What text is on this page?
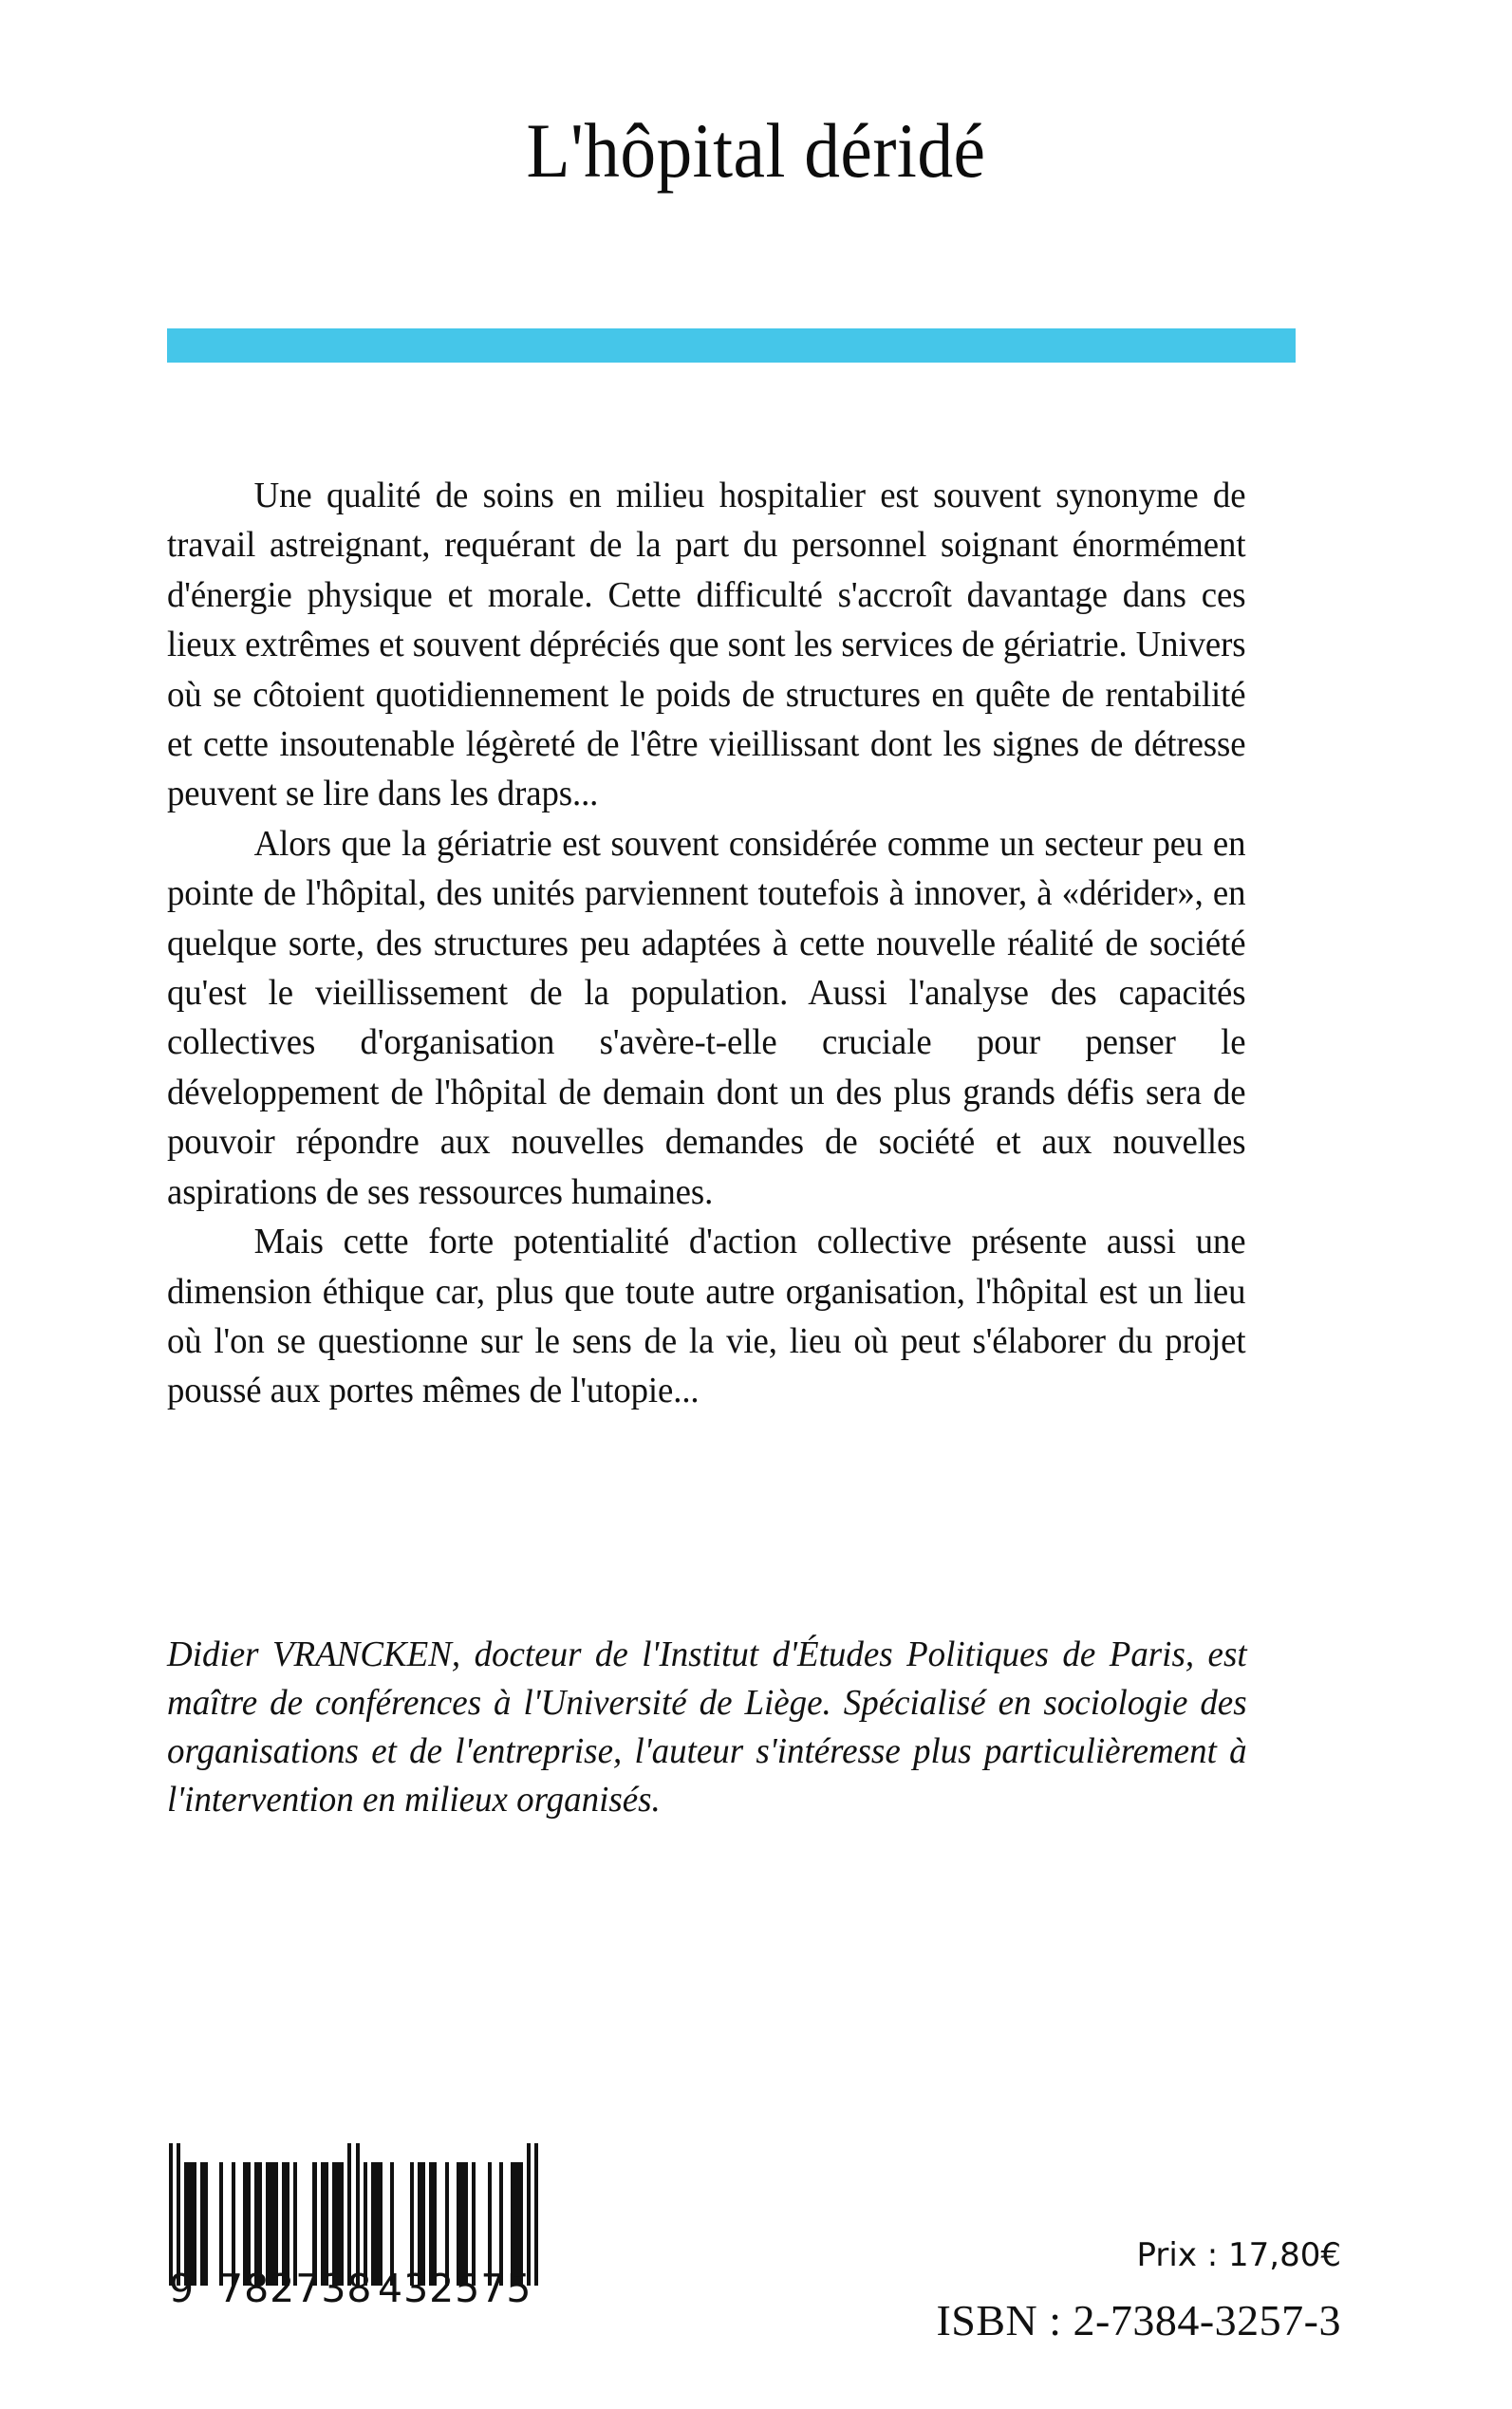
L'hôpital déridé

Une qualité de soins en milieu hospitalier est souvent synonyme de travail astreignant, requérant de la part du personnel soignant énormément d'énergie physique et morale. Cette difficulté s'accroît davantage dans ces lieux extrêmes et souvent dépréciés que sont les services de gériatrie. Univers où se côtoient quotidiennement le poids de structures en quête de rentabilité et cette insoutenable légèreté de l'être vieillissant dont les signes de détresse peuvent se lire dans les draps...

Alors que la gériatrie est souvent considérée comme un secteur peu en pointe de l'hôpital, des unités parviennent toutefois à innover, à «dérider», en quelque sorte, des structures peu adaptées à cette nouvelle réalité de société qu'est le vieillissement de la population. Aussi l'analyse des capacités collectives d'organisation s'avère-t-elle cruciale pour penser le développement de l'hôpital de demain dont un des plus grands défis sera de pouvoir répondre aux nouvelles demandes de société et aux nouvelles aspirations de ses ressources humaines.

Mais cette forte potentialité d'action collective présente aussi une dimension éthique car, plus que toute autre organisation, l'hôpital est un lieu où l'on se questionne sur le sens de la vie, lieu où peut s'élaborer du projet poussé aux portes mêmes de l'utopie...

Didier VRANCKEN, docteur de l'Institut d'Études Politiques de Paris, est maître de conférences à l'Université de Liège. Spécialisé en sociologie des organisations et de l'entreprise, l'auteur s'intéresse plus particulièrement à l'intervention en milieux organisés.

9 782738 432575
Prix : 17,80€
ISBN : 2-7384-3257-3
